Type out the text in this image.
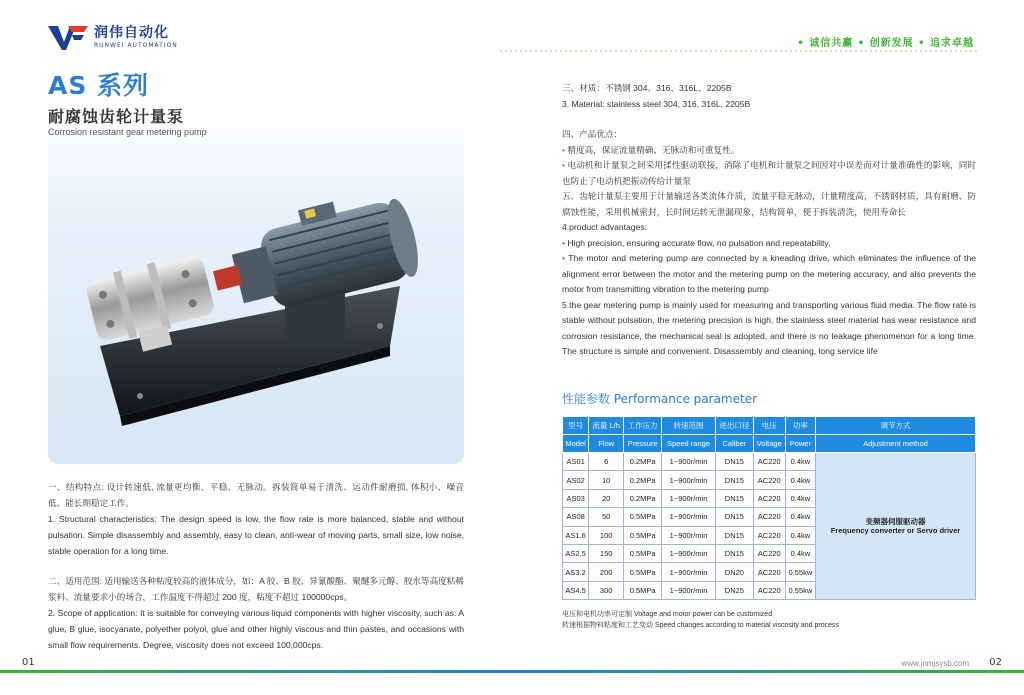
润伟自动化
RUNWEI AUTOMATION	• 诚信共赢 • 创新发展 • 追求卓越
AS 系列
耐腐蚀齿轮计量泵
Corrosion resistant gear metering pump

一、结构特点: 设计转速低, 流量更均衡、平稳、无脉动。拆装简单易于清洗、运动件耐磨损, 体积小、噪音低、能长期稳定工作。

1. Structural characteristics: The design speed is low, the flow rate is more balanced, stable and without pulsation. Simple disassembly and assembly, easy to clean, anti-wear of moving parts, small size, low noise, stable operation for a long time.

二、适用范围: 适用输送各种粘度较高的液体成分，如：A 胶、B 胶、异氰酸酯、聚醚多元醇、胶水等高度粘稀浆料、流量要求小的场合，工作温度不得超过 200 度，粘度不超过 100000cps。

2. Scope of application: It is suitable for conveying various liquid components with higher viscosity, such as: A glue, B glue, isocyanate, polyether polyol, glue and other highly viscous and thin pastes, and occasions with small flow requirements. Degree, viscosity does not exceed 100,000cps.

三、材质：不锈钢 304、316、316L、2205B

3. Material: stainless steel 304, 316, 316L, 2205B

四、产品优点：

• 精度高，保证流量精确、无脉动和可重复性。

• 电动机和计量泵之间采用揉性驱动联接，消除了电机和计量泵之间因对中误差而对计量准确性的影响，同时也防止了电动机把振动传给计量泵

五、齿轮计量泵主要用于计量输送各类流体介质，流量平稳无脉动，计量精度高，不锈钢材质，具有耐磨、防腐蚀性能，采用机械密封，长时间运转无泄漏现象，结构简单，便于拆装清洗，使用寿命长

4.product advantages:

• High precision, ensuring accurate flow, no pulsation and repeatability.

• The motor and metering pump are connected by a kneading drive, which eliminates the influence of the alignment error between the motor and the metering pump on the metering accuracy, and also prevents the motor from transmitting vibration to the metering pump

5.the gear metering pump is mainly used for measuring and transporting various fluid media. The flow rate is stable without pulsation, the metering precision is high, the stainless steel material has wear resistance and corrosion resistance, the mechanical seal is adopted, and there is no leakage phenomenon for a long time. The structure is simple and convenient. Disassembly and cleaning, long service life

性能参数 Performance parameter
型号	流量 L/h	工作压力	转速范围	进出口径	电压	功率	调节方式
Model	Flow	Pressure	Speed range	Caliber	Voltage	Power	Adjustment method
AS01	6	0.2MPa	1~900r/min	DN15	AC220	0.4kw	变频器伺服驱动器
Frequency converter or Servo driver

AS02	10	0.2MPa	1~900r/min	DN15	AC220	0.4kw	
AS03	20	0.2MPa	1~900r/min	DN15	AC220	0.4kw	
AS08	50	0.5MPa	1~900r/min	DN15	AC220	0.4kw	
AS1.6	100	0.5MPa	1~900r/min	DN15	AC220	0.4kw	
AS2.5	150	0.5MPa	1~900r/min	DN15	AC220	0.4kw	
AS3.2	200	0.5MPa	1~900r/min	DN20	AC220	0.55kw	
AS4.5	300	0.5MPa	1~900r/min	DN25	AC220	0.55kw	
电压和电机功率可定制 Voltage and motor power can be customized
转速根据物料粘度和工艺变动 Speed changes according to material viscosity and process
01	www.jnmjsysb.com 02
